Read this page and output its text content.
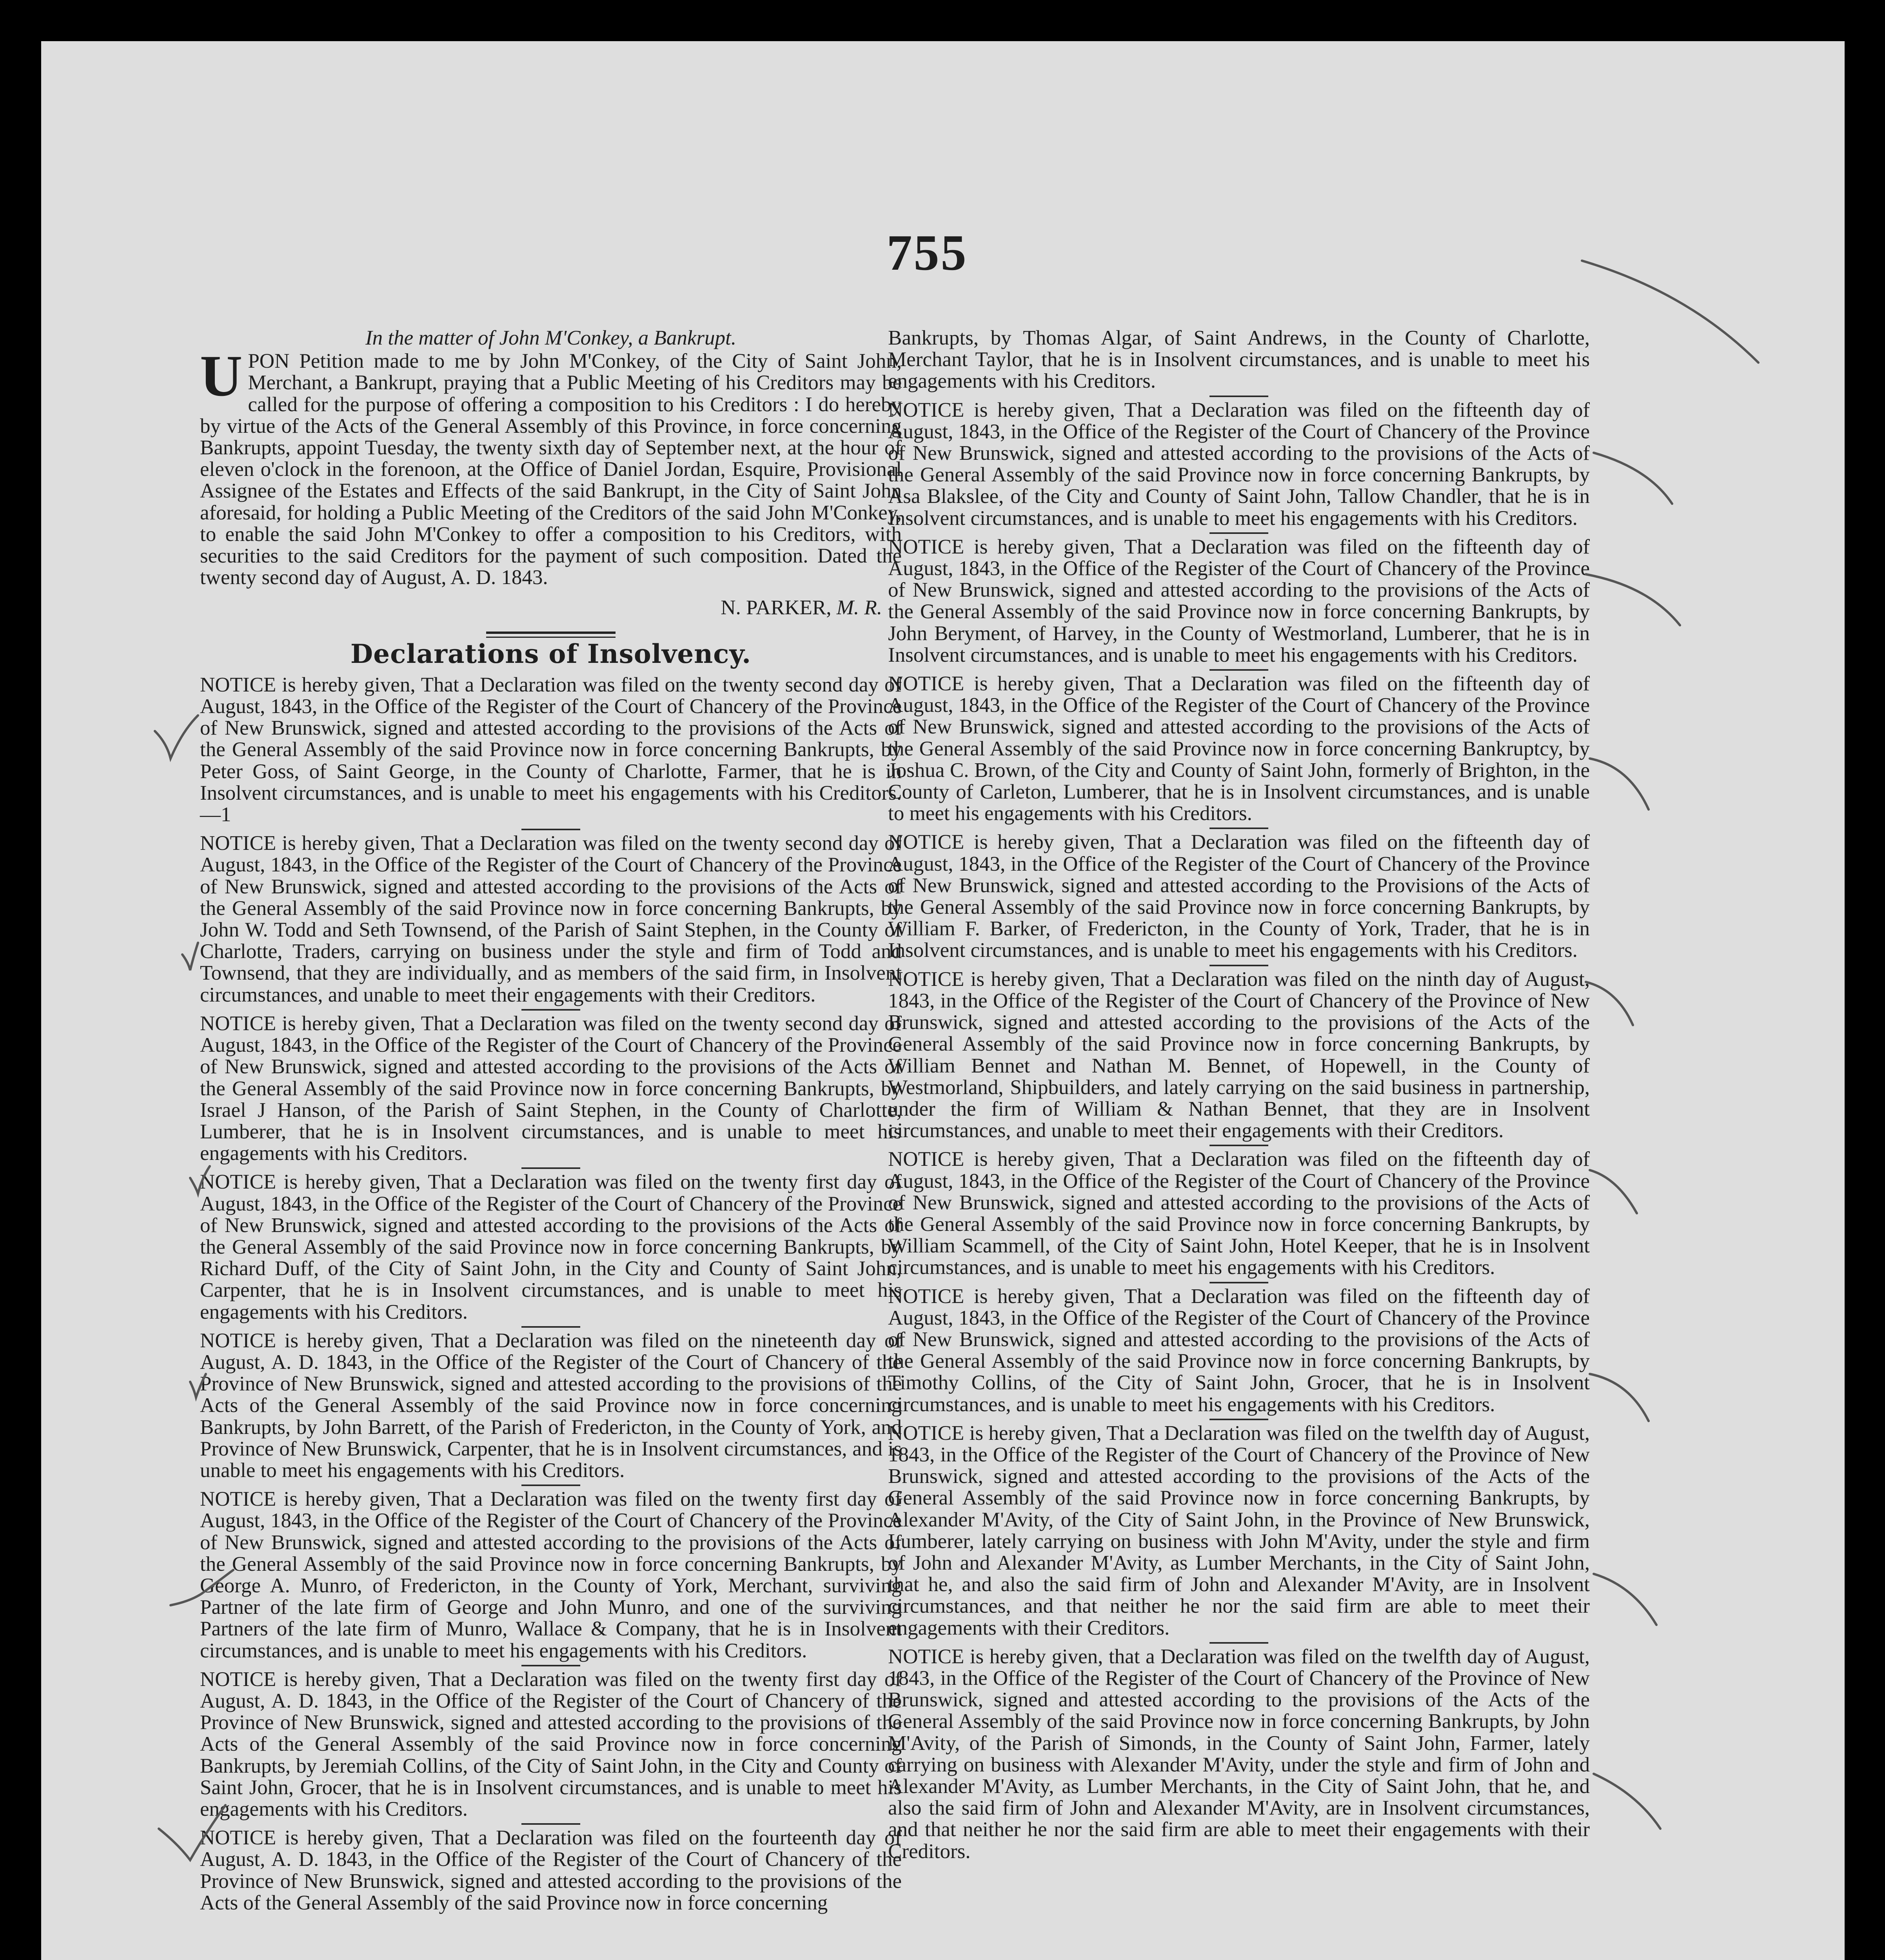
755

In the matter of John M'Conkey, a Bankrupt.

UPON Petition made to me by John M'Conkey, of the City of Saint John, Merchant, a Bankrupt, praying that a Public Meeting of his Creditors may be called for the purpose of offering a composition to his Creditors : I do hereby by virtue of the Acts of the General Assembly of this Province, in force concerning Bankrupts, appoint Tuesday, the twenty sixth day of September next, at the hour of eleven o'clock in the forenoon, at the Office of Daniel Jordan, Esquire, Provisional Assignee of the Estates and Effects of the said Bankrupt, in the City of Saint John aforesaid, for holding a Public Meeting of the Creditors of the said John M'Conkey, to enable the said John M'Conkey to offer a composition to his Creditors, with securities to the said Creditors for the payment of such composition. Dated the twenty second day of August, A. D. 1843.

N. PARKER, M. R.

Declarations of Insolvency.

NOTICE is hereby given, That a Declaration was filed on the twenty second day of August, 1843, in the Office of the Register of the Court of Chancery of the Province of New Brunswick, signed and attested according to the provisions of the Acts of the General Assembly of the said Province now in force concerning Bankrupts, by Peter Goss, of Saint George, in the County of Charlotte, Farmer, that he is in Insolvent circumstances, and is unable to meet his engagements with his Creditors.—1

NOTICE is hereby given, That a Declaration was filed on the twenty second day of August, 1843, in the Office of the Register of the Court of Chancery of the Province of New Brunswick, signed and attested according to the provisions of the Acts of the General Assembly of the said Province now in force concerning Bankrupts, by John W. Todd and Seth Townsend, of the Parish of Saint Stephen, in the County of Charlotte, Traders, carrying on business under the style and firm of Todd and Townsend, that they are individually, and as members of the said firm, in Insolvent circumstances, and unable to meet their engagements with their Creditors.

NOTICE is hereby given, That a Declaration was filed on the twenty second day of August, 1843, in the Office of the Register of the Court of Chancery of the Province of New Brunswick, signed and attested according to the provisions of the Acts of the General Assembly of the said Province now in force concerning Bankrupts, by Israel J Hanson, of the Parish of Saint Stephen, in the County of Charlotte, Lumberer, that he is in Insolvent circumstances, and is unable to meet his engagements with his Creditors.

NOTICE is hereby given, That a Declaration was filed on the twenty first day of August, 1843, in the Office of the Register of the Court of Chancery of the Province of New Brunswick, signed and attested according to the provisions of the Acts of the General Assembly of the said Province now in force concerning Bankrupts, by Richard Duff, of the City of Saint John, in the City and County of Saint John, Carpenter, that he is in Insolvent circumstances, and is unable to meet his engagements with his Creditors.

NOTICE is hereby given, That a Declaration was filed on the nineteenth day of August, A. D. 1843, in the Office of the Register of the Court of Chancery of the Province of New Brunswick, signed and attested according to the provisions of the Acts of the General Assembly of the said Province now in force concerning Bankrupts, by John Barrett, of the Parish of Fredericton, in the County of York, and Province of New Brunswick, Carpenter, that he is in Insolvent circumstances, and is unable to meet his engagements with his Creditors.

NOTICE is hereby given, That a Declaration was filed on the twenty first day of August, 1843, in the Office of the Register of the Court of Chancery of the Province of New Brunswick, signed and attested according to the provisions of the Acts of the General Assembly of the said Province now in force concerning Bankrupts, by George A. Munro, of Fredericton, in the County of York, Merchant, surviving Partner of the late firm of George and John Munro, and one of the surviving Partners of the late firm of Munro, Wallace & Company, that he is in Insolvent circumstances, and is unable to meet his engagements with his Creditors.

NOTICE is hereby given, That a Declaration was filed on the twenty first day of August, A. D. 1843, in the Office of the Register of the Court of Chancery of the Province of New Brunswick, signed and attested according to the provisions of the Acts of the General Assembly of the said Province now in force concerning Bankrupts, by Jeremiah Collins, of the City of Saint John, in the City and County of Saint John, Grocer, that he is in Insolvent circumstances, and is unable to meet his engagements with his Creditors.

NOTICE is hereby given, That a Declaration was filed on the fourteenth day of August, A. D. 1843, in the Office of the Register of the Court of Chancery of the Province of New Brunswick, signed and attested according to the provisions of the Acts of the General Assembly of the said Province now in force concerning

Bankrupts, by Thomas Algar, of Saint Andrews, in the County of Charlotte, Merchant Taylor, that he is in Insolvent circumstances, and is unable to meet his engagements with his Creditors.

NOTICE is hereby given, That a Declaration was filed on the fifteenth day of August, 1843, in the Office of the Register of the Court of Chancery of the Province of New Brunswick, signed and attested according to the provisions of the Acts of the General Assembly of the said Province now in force concerning Bankrupts, by Asa Blakslee, of the City and County of Saint John, Tallow Chandler, that he is in Insolvent circumstances, and is unable to meet his engagements with his Creditors.

NOTICE is hereby given, That a Declaration was filed on the fifteenth day of August, 1843, in the Office of the Register of the Court of Chancery of the Province of New Brunswick, signed and attested according to the provisions of the Acts of the General Assembly of the said Province now in force concerning Bankrupts, by John Beryment, of Harvey, in the County of Westmorland, Lumberer, that he is in Insolvent circumstances, and is unable to meet his engagements with his Creditors.

NOTICE is hereby given, That a Declaration was filed on the fifteenth day of August, 1843, in the Office of the Register of the Court of Chancery of the Province of New Brunswick, signed and attested according to the provisions of the Acts of the General Assembly of the said Province now in force concerning Bankruptcy, by Joshua C. Brown, of the City and County of Saint John, formerly of Brighton, in the County of Carleton, Lumberer, that he is in Insolvent circumstances, and is unable to meet his engagements with his Creditors.

NOTICE is hereby given, That a Declaration was filed on the fifteenth day of August, 1843, in the Office of the Register of the Court of Chancery of the Province of New Brunswick, signed and attested according to the Provisions of the Acts of the General Assembly of the said Province now in force concerning Bankrupts, by William F. Barker, of Fredericton, in the County of York, Trader, that he is in Insolvent circumstances, and is unable to meet his engagements with his Creditors.

NOTICE is hereby given, That a Declaration was filed on the ninth day of August, 1843, in the Office of the Register of the Court of Chancery of the Province of New Brunswick, signed and attested according to the provisions of the Acts of the General Assembly of the said Province now in force concerning Bankrupts, by William Bennet and Nathan M. Bennet, of Hopewell, in the County of Westmorland, Shipbuilders, and lately carrying on the said business in partnership, under the firm of William & Nathan Bennet, that they are in Insolvent circumstances, and unable to meet their engagements with their Creditors.

NOTICE is hereby given, That a Declaration was filed on the fifteenth day of August, 1843, in the Office of the Register of the Court of Chancery of the Province of New Brunswick, signed and attested according to the provisions of the Acts of the General Assembly of the said Province now in force concerning Bankrupts, by William Scammell, of the City of Saint John, Hotel Keeper, that he is in Insolvent circumstances, and is unable to meet his engagements with his Creditors.

NOTICE is hereby given, That a Declaration was filed on the fifteenth day of August, 1843, in the Office of the Register of the Court of Chancery of the Province of New Brunswick, signed and attested according to the provisions of the Acts of the General Assembly of the said Province now in force concerning Bankrupts, by Timothy Collins, of the City of Saint John, Grocer, that he is in Insolvent circumstances, and is unable to meet his engagements with his Creditors.

NOTICE is hereby given, That a Declaration was filed on the twelfth day of August, 1843, in the Office of the Register of the Court of Chancery of the Province of New Brunswick, signed and attested according to the provisions of the Acts of the General Assembly of the said Province now in force concerning Bankrupts, by Alexander M'Avity, of the City of Saint John, in the Province of New Brunswick, Lumberer, lately carrying on business with John M'Avity, under the style and firm of John and Alexander M'Avity, as Lumber Merchants, in the City of Saint John, that he, and also the said firm of John and Alexander M'Avity, are in Insolvent circumstances, and that neither he nor the said firm are able to meet their engagements with their Creditors.

NOTICE is hereby given, that a Declaration was filed on the twelfth day of August, 1843, in the Office of the Register of the Court of Chancery of the Province of New Brunswick, signed and attested according to the provisions of the Acts of the General Assembly of the said Province now in force concerning Bankrupts, by John M'Avity, of the Parish of Simonds, in the County of Saint John, Farmer, lately carrying on business with Alexander M'Avity, under the style and firm of John and Alexander M'Avity, as Lumber Merchants, in the City of Saint John, that he, and also the said firm of John and Alexander M'Avity, are in Insolvent circumstances, and that neither he nor the said firm are able to meet their engagements with their Creditors.
